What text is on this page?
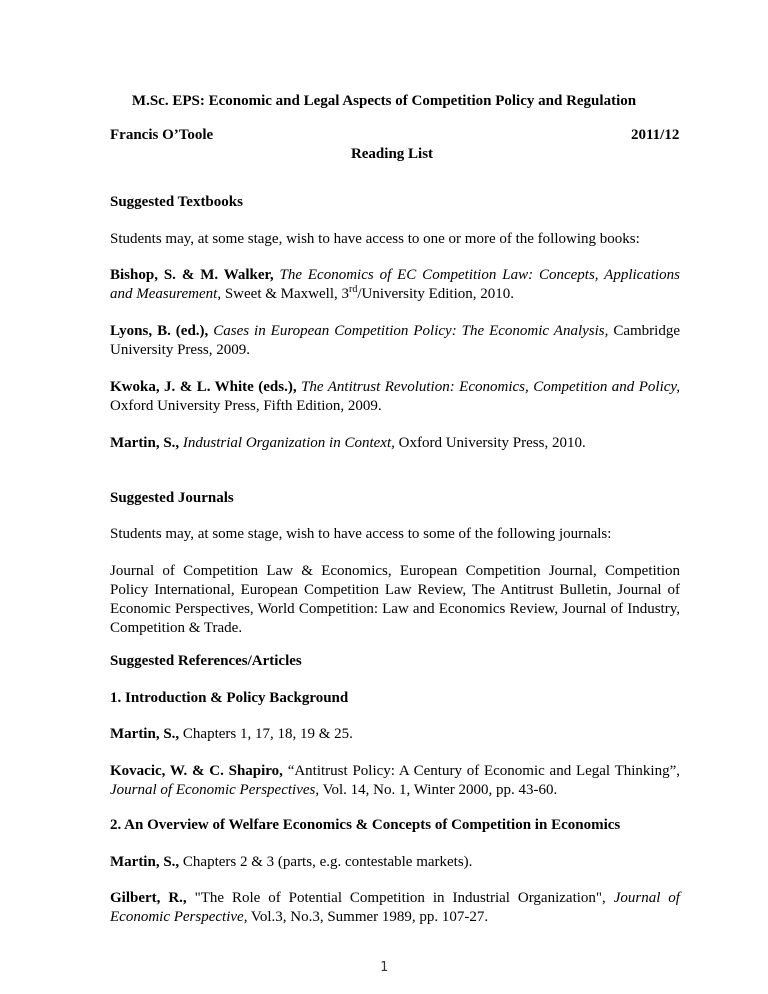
M.Sc. EPS: Economic and Legal Aspects of Competition Policy and Regulation
Francis O’Toole	2011/12
Reading List

Suggested Textbooks

Students may, at some stage, wish to have access to one or more of the following books:

Bishop, S. & M. Walker, The Economics of EC Competition Law: Concepts, Applications and Measurement, Sweet & Maxwell, 3rd/University Edition, 2010.

Lyons, B. (ed.), Cases in European Competition Policy: The Economic Analysis, Cambridge University Press, 2009.

Kwoka, J. & L. White (eds.), The Antitrust Revolution: Economics, Competition and Policy, Oxford University Press, Fifth Edition, 2009.

Martin, S., Industrial Organization in Context, Oxford University Press, 2010.

Suggested Journals

Students may, at some stage, wish to have access to some of the following journals:

Journal of Competition Law & Economics, European Competition Journal, Competition Policy International, European Competition Law Review, The Antitrust Bulletin, Journal of Economic Perspectives, World Competition: Law and Economics Review, Journal of Industry, Competition & Trade.

Suggested References/Articles

1. Introduction & Policy Background

Martin, S., Chapters 1, 17, 18, 19 & 25.

Kovacic, W. & C. Shapiro, “Antitrust Policy: A Century of Economic and Legal Thinking”, Journal of Economic Perspectives, Vol. 14, No. 1, Winter 2000, pp. 43-60.

2. An Overview of Welfare Economics & Concepts of Competition in Economics

Martin, S., Chapters 2 & 3 (parts, e.g. contestable markets).

Gilbert, R., "The Role of Potential Competition in Industrial Organization", Journal of Economic Perspective, Vol.3, No.3, Summer 1989, pp. 107-27.

1
